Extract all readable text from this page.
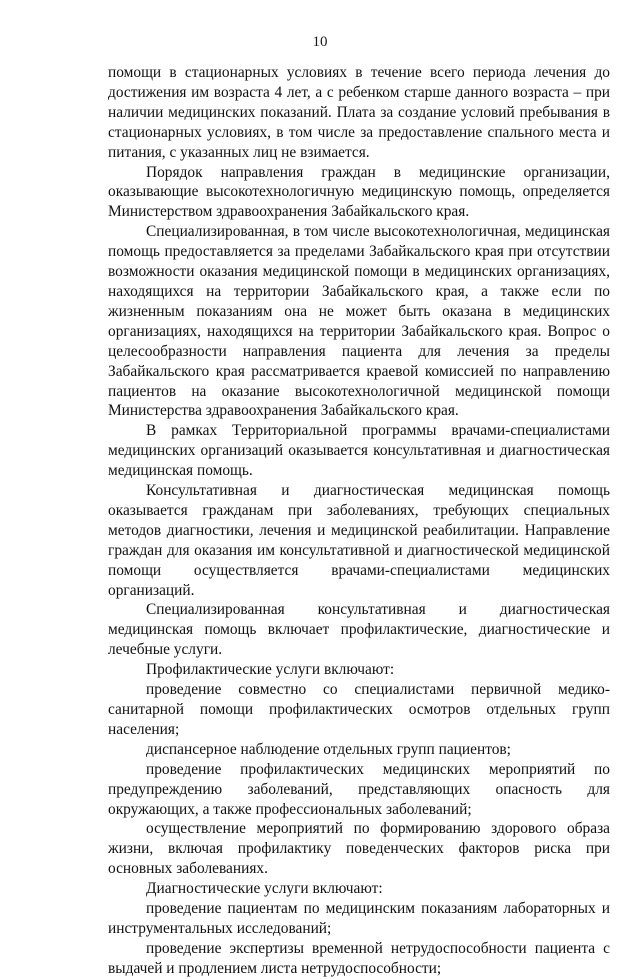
10

помощи в стационарных условиях в течение всего периода лечения до достижения им возраста 4 лет, а с ребенком старше данного возраста – при наличии медицинских показаний. Плата за создание условий пребывания в стационарных условиях, в том числе за предоставление спального места и питания, с указанных лиц не взимается.

Порядок направления граждан в медицинские организации, оказывающие высокотехнологичную медицинскую помощь, определяется Министерством здравоохранения Забайкальского края.

Специализированная, в том числе высокотехнологичная, медицинская помощь предоставляется за пределами Забайкальского края при отсутствии возможности оказания медицинской помощи в медицинских организациях, находящихся на территории Забайкальского края, а также если по жизненным показаниям она не может быть оказана в медицинских организациях, находящихся на территории Забайкальского края. Вопрос о целесообразности направления пациента для лечения за пределы Забайкальского края рассматривается краевой комиссией по направлению пациентов на оказание высокотехнологичной медицинской помощи Министерства здравоохранения Забайкальского края.

В рамках Территориальной программы врачами-специалистами медицинских организаций оказывается консультативная и диагностическая медицинская помощь.

Консультативная и диагностическая медицинская помощь оказывается гражданам при заболеваниях, требующих специальных методов диагностики, лечения и медицинской реабилитации. Направление граждан для оказания им консультативной и диагностической медицинской помощи осуществляется врачами-специалистами медицинских организаций.

Специализированная консультативная и диагностическая медицинская помощь включает профилактические, диагностические и лечебные услуги.

Профилактические услуги включают:

проведение совместно со специалистами первичной медико-санитарной помощи профилактических осмотров отдельных групп населения;

диспансерное наблюдение отдельных групп пациентов;

проведение профилактических медицинских мероприятий по предупреждению заболеваний, представляющих опасность для окружающих, а также профессиональных заболеваний;

осуществление мероприятий по формированию здорового образа жизни, включая профилактику поведенческих факторов риска при основных заболеваниях.

Диагностические услуги включают:

проведение пациентам по медицинским показаниям лабораторных и инструментальных исследований;

проведение экспертизы временной нетрудоспособности пациента с выдачей и продлением листа нетрудоспособности;
